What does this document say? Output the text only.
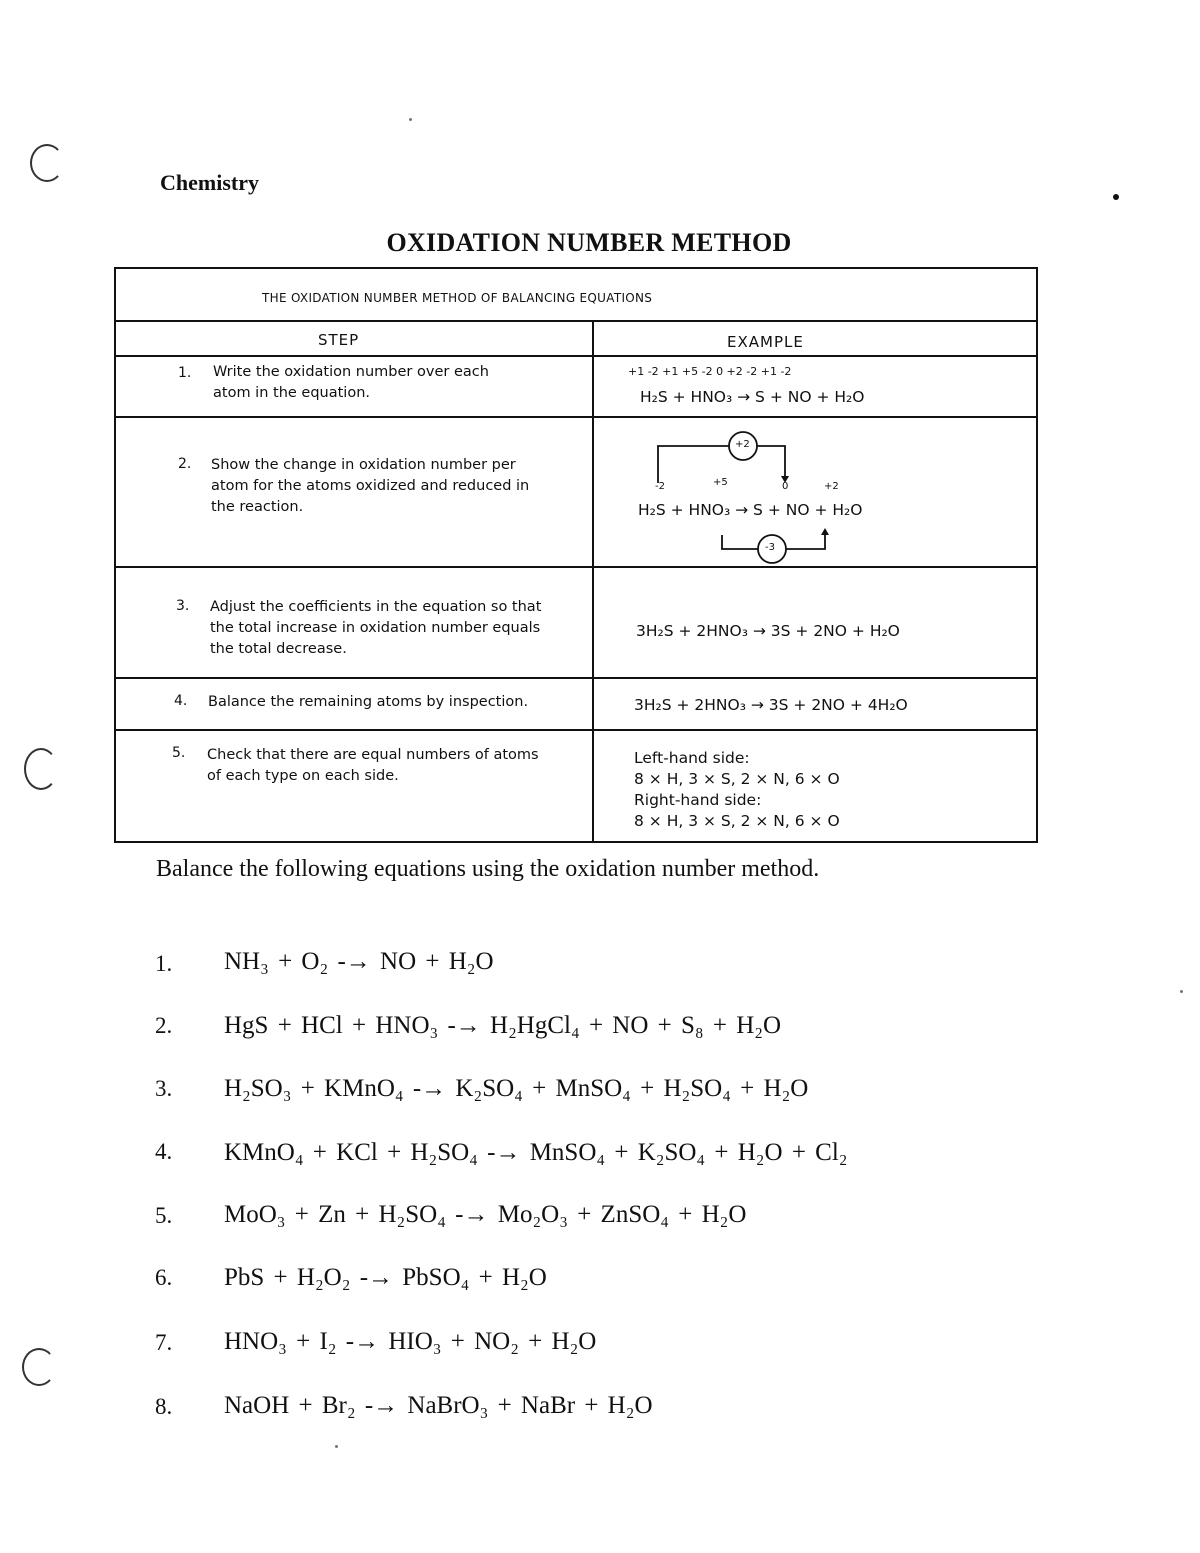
Chemistry
OXIDATION NUMBER METHOD
THE OXIDATION NUMBER METHOD OF BALANCING EQUATIONS
STEP	EXAMPLE
1. Write the oxidation number over each atom in the equation.
+1 -2 +1 +5 -2 0 +2 -2 +1 -2
H₂S + HNO₃ → S + NO + H₂O
2. Show the change in oxidation number per atom for the atoms oxidized and reduced in the reaction.
+2
-3
-2	+5	0	+2
H₂S + HNO₃ → S + NO + H₂O
3. Adjust the coefficients in the equation so that the total increase in oxidation number equals the total decrease.
3H₂S + 2HNO₃ → 3S + 2NO + H₂O
4. Balance the remaining atoms by inspection.	3H₂S + 2HNO₃ → 3S + 2NO + 4H₂O
5. Check that there are equal numbers of atoms of each type on each side.
Left-hand side:
8 × H, 3 × S, 2 × N, 6 × O
Right-hand side:
8 × H, 3 × S, 2 × N, 6 × O
Balance the following equations using the oxidation number method.
1. NH₃ + O₂ -→ NO + H₂O
2. HgS + HCl + HNO₃ -→ H₂HgCl₄ + NO + S₈ + H₂O
3. H₂SO₃ + KMnO₄ -→ K₂SO₄ + MnSO₄ + H₂SO₄ + H₂O
4. KMnO₄ + KCl + H₂SO₄ -→ MnSO₄ + K₂SO₄ + H₂O + Cl₂
5. MoO₃ + Zn + H₂SO₄ -→ Mo₂O₃ + ZnSO₄ + H₂O
6. PbS + H₂O₂ -→ PbSO₄ + H₂O
7. HNO₃ + I₂ -→ HIO₃ + NO₂ + H₂O
8. NaOH + Br₂ -→ NaBrO₃ + NaBr + H₂O
